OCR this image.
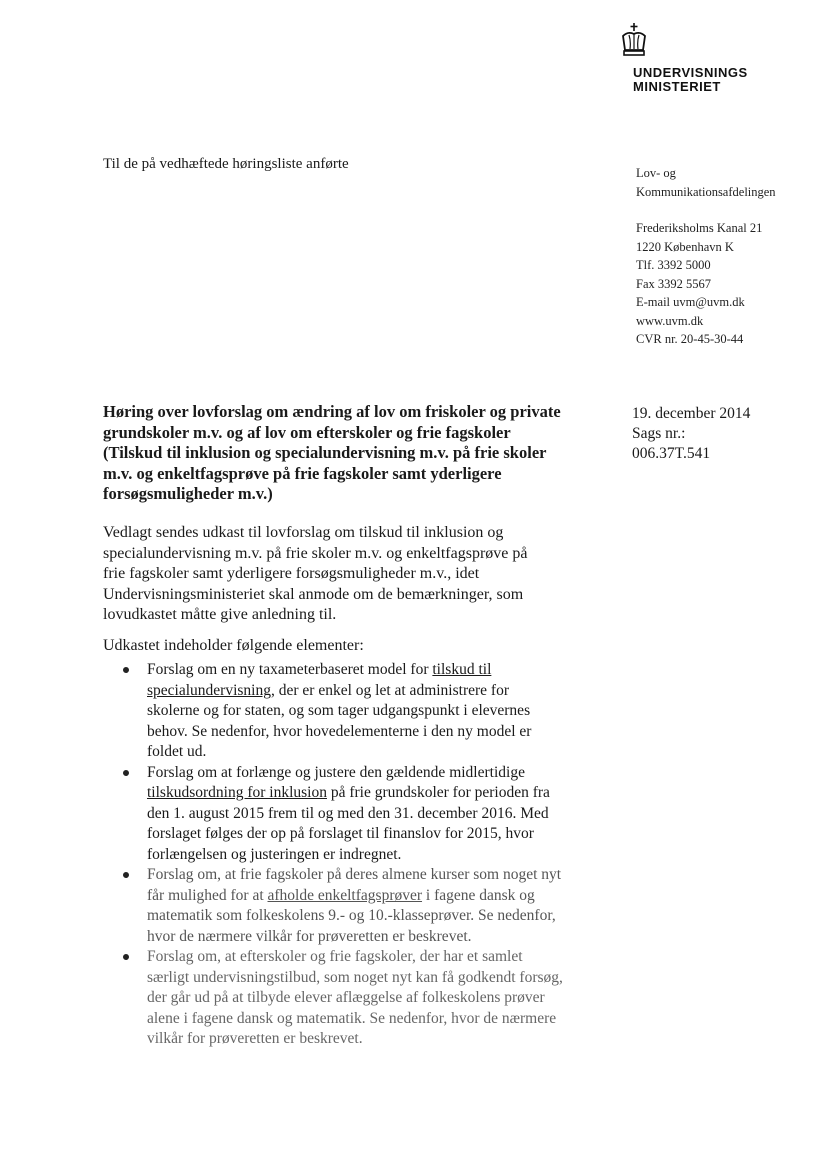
UNDERVISNINGS
MINISTERIET
Til de på vedhæftede høringsliste anførte
Lov- og
Kommunikationsafdelingen
Frederiksholms Kanal 21
1220 København K
Tlf. 3392 5000
Fax 3392 5567
E-mail uvm@uvm.dk
www.uvm.dk
CVR nr. 20-45-30-44
19. december 2014
Sags nr.:
006.37T.541
Høring over lovforslag om ændring af lov om friskoler og private grundskoler m.v. og af lov om efterskoler og frie fagskoler (Tilskud til inklusion og specialundervisning m.v. på frie skoler m.v. og enkeltfagsprøve på frie fagskoler samt yderligere forsøgsmuligheder m.v.)
Vedlagt sendes udkast til lovforslag om tilskud til inklusion og specialundervisning m.v. på frie skoler m.v. og enkeltfagsprøve på frie fagskoler samt yderligere forsøgsmuligheder m.v., idet Undervisningsministeriet skal anmode om de bemærkninger, som lovudkastet måtte give anledning til.
Udkastet indeholder følgende elementer:
Forslag om en ny taxameterbaseret model for tilskud til specialundervisning, der er enkel og let at administrere for skolerne og for staten, og som tager udgangspunkt i elevernes behov. Se nedenfor, hvor hovedelementerne i den ny model er foldet ud.
Forslag om at forlænge og justere den gældende midlertidige tilskudsordning for inklusion på frie grundskoler for perioden fra den 1. august 2015 frem til og med den 31. december 2016. Med forslaget følges der op på forslaget til finanslov for 2015, hvor forlængelsen og justeringen er indregnet.
Forslag om, at frie fagskoler på deres almene kurser som noget nyt får mulighed for at afholde enkeltfagsprøver i fagene dansk og matematik som folkeskolens 9.- og 10.-klasseprøver. Se nedenfor, hvor de nærmere vilkår for prøveretten er beskrevet.
Forslag om, at efterskoler og frie fagskoler, der har et samlet særligt undervisningstilbud, som noget nyt kan få godkendt forsøg, der går ud på at tilbyde elever aflæggelse af folkeskolens prøver alene i fagene dansk og matematik. Se nedenfor, hvor de nærmere vilkår for prøveretten er beskrevet.
